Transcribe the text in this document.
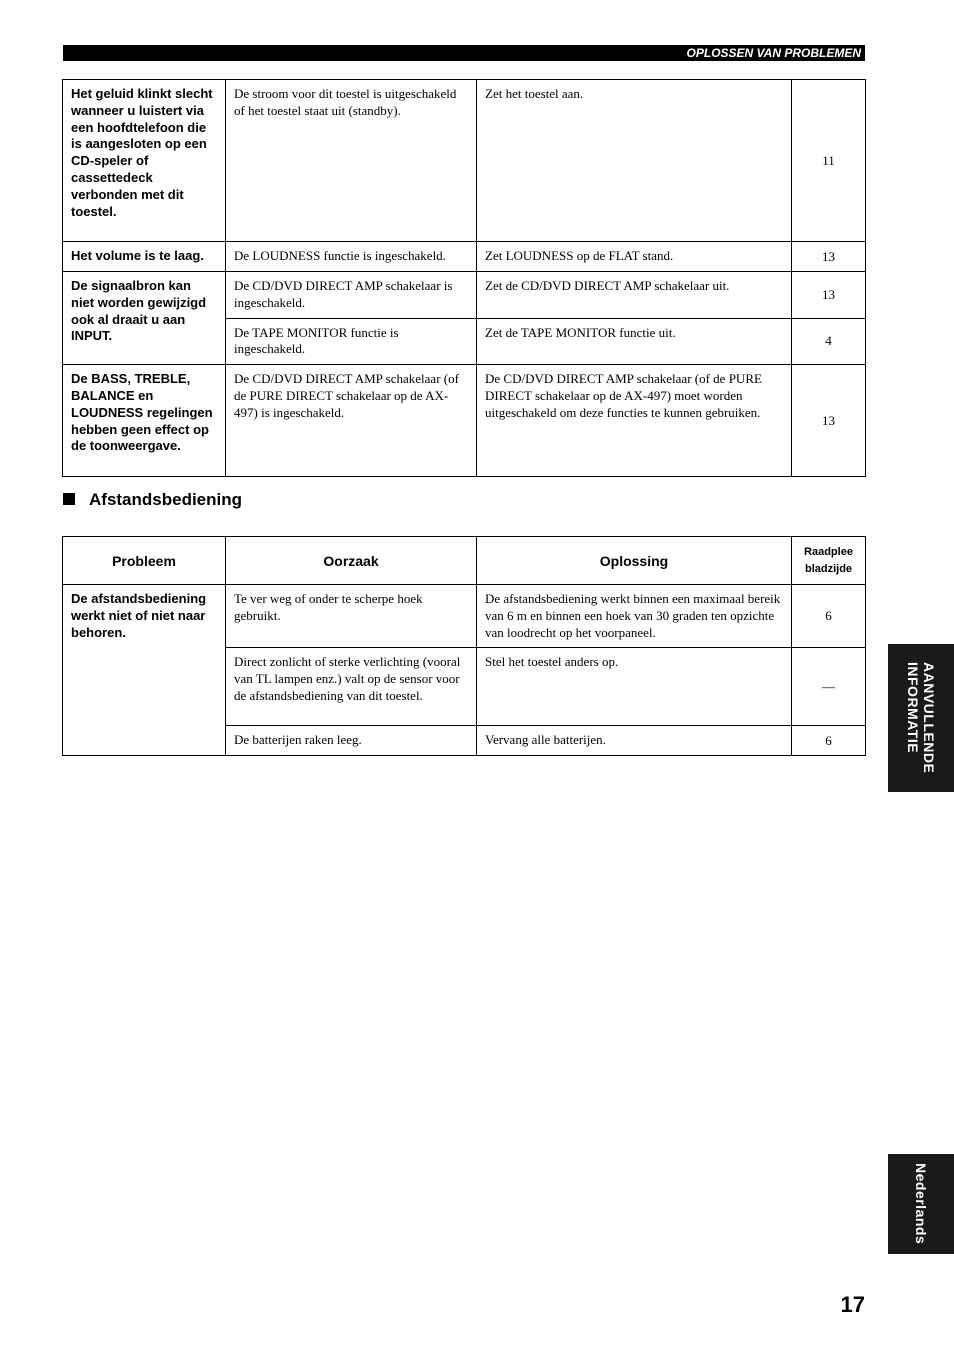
OPLOSSEN VAN PROBLEMEN
Het geluid klinkt slecht wanneer u luistert via een hoofdtelefoon die is aangesloten op een CD-speler of cassettedeck verbonden met dit toestel.	De stroom voor dit toestel is uitgeschakeld of het toestel staat uit (standby).	Zet het toestel aan.	11
Het volume is te laag.	De LOUDNESS functie is ingeschakeld.	Zet LOUDNESS op de FLAT stand.	13
De signaalbron kan niet worden gewijzigd ook al draait u aan INPUT.	De CD/DVD DIRECT AMP schakelaar is ingeschakeld.	Zet de CD/DVD DIRECT AMP schakelaar uit.	13
	De TAPE MONITOR functie is ingeschakeld.	Zet de TAPE MONITOR functie uit.	4
De BASS, TREBLE, BALANCE en LOUDNESS regelingen hebben geen effect op de toonweergave.	De CD/DVD DIRECT AMP schakelaar (of de PURE DIRECT schakelaar op de AX-497) is ingeschakeld.	De CD/DVD DIRECT AMP schakelaar (of de PURE DIRECT schakelaar op de AX-497) moet worden uitgeschakeld om deze functies te kunnen gebruiken.	13
Afstandsbediening
Probleem	Oorzaak	Oplossing	Raadplee
bladzijde
De afstandsbediening werkt niet of niet naar behoren.	Te ver weg of onder te scherpe hoek gebruikt.	De afstandsbediening werkt binnen een maximaal bereik van 6 m en binnen een hoek van 30 graden ten opzichte van loodrecht op het voorpaneel.	6
	Direct zonlicht of sterke verlichting (vooral van TL lampen enz.) valt op de sensor voor de afstandsbediening van dit toestel.	Stel het toestel anders op.	—
	De batterijen raken leeg.	Vervang alle batterijen.	6	AANVULLENDE
INFORMATIE
Nederlands
17
